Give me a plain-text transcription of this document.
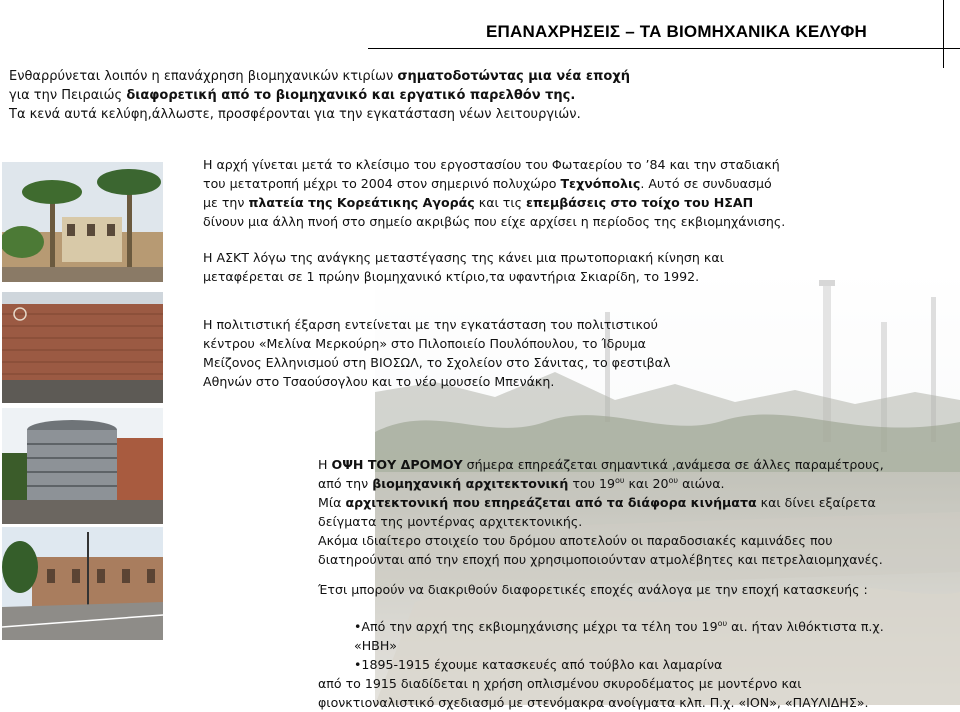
ΕΠΑΝΑΧΡΗΣΕΙΣ – ΤΑ ΒΙΟΜΗΧΑΝΙΚΑ ΚΕΛΥΦΗ
Ενθαρρύνεται λοιπόν η επανάχρηση βιομηχανικών κτιρίων σηματοδοτώντας μια νέα εποχή
για την Πειραιώς διαφορετική από το βιομηχανικό και εργατικό παρελθόν της.
Τα κενά αυτά κελύφη,άλλωστε, προσφέρονται για την εγκατάσταση νέων λειτουργιών.
Η αρχή γίνεται μετά το κλείσιμο του εργοστασίου του Φωταερίου το ’84 και την σταδιακή
του μετατροπή μέχρι το 2004 στον σημερινό πολυχώρο Τεχνόπολις. Αυτό σε συνδυασμό
με την πλατεία της Κορεάτικης Αγοράς και τις επεμβάσεις στο τοίχο του ΗΣΑΠ
δίνουν μια άλλη πνοή στο σημείο ακριβώς που είχε αρχίσει η περίοδος της εκβιομηχάνισης.
Η ΑΣΚΤ λόγω της ανάγκης μεταστέγασης της κάνει μια πρωτοποριακή κίνηση και
μεταφέρεται σε 1 πρώην βιομηχανικό κτίριο,τα υφαντήρια Σκιαρίδη, το 1992.
Η πολιτιστική έξαρση εντείνεται με την εγκατάσταση του πολιτιστικού
κέντρου «Μελίνα Μερκούρη» στο Πιλοποιείο Πουλόπουλου, το Ίδρυμα
Μείζονος Ελληνισμού στη ΒΙΟΣΩΛ, το Σχολείον στο Σάνιτας, το φεστιβαλ
Αθηνών στο Τσαούσογλου και το νέο μουσείο Μπενάκη.
Η ΟΨΗ ΤΟΥ ΔΡΟΜΟΥ σήμερα επηρεάζεται σημαντικά ,ανάμεσα σε άλλες παραμέτρους,
από την βιομηχανική αρχιτεκτονική του $19^{o\upsilon}$ και $20^{o\upsilon}$ αιώνα.
Μία αρχιτεκτονική που επηρεάζεται από τα διάφορα κινήματα και δίνει εξαίρετα
δείγματα της μοντέρνας αρχιτεκτονικής.
Ακόμα ιδιαίτερο στοιχείο του δρόμου αποτελούν οι παραδοσιακές καμινάδες που
διατηρούνται από την εποχή που χρησιμοποιούνταν ατμολέβητες και πετρελαιομηχανές.
Έτσι μπορούν να διακριθούν διαφορετικές εποχές ανάλογα με την εποχή κατασκευής :
•Από την αρχή της εκβιομηχάνισης μέχρι τα τέλη του $19^{o\upsilon}$ αι. ήταν λιθόκτιστα π.χ.
«ΗΒΗ»
•1895-1915 έχουμε κατασκευές από τούβλο και λαμαρίνα
από το 1915 διαδίδεται η χρήση οπλισμένου σκυροδέματος με μοντέρνο και
φιονκτιοναλιστικό σχεδιασμό με στενόμακρα ανοίγματα κλπ. Π.χ. «ΙΟΝ», «ΠΑΥΛΙΔΗΣ».
